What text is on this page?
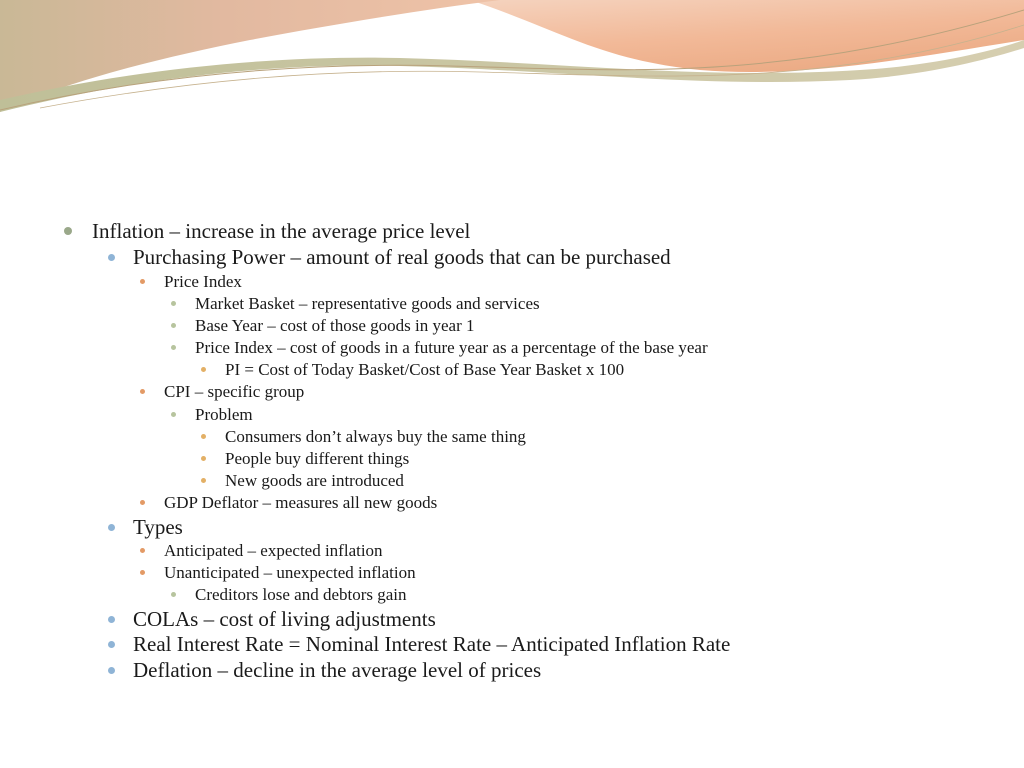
Inflation – increase in the average price level
Purchasing Power – amount of real goods that can be purchased
Price Index
Market Basket – representative goods and services
Base Year – cost of those goods in year 1
Price Index – cost of goods in a future year as a percentage of the base year
PI = Cost of Today Basket/Cost of Base Year Basket x 100
CPI – specific group
Problem
Consumers don’t always buy the same thing
People buy different things
New goods are introduced
GDP Deflator – measures all new goods
Types
Anticipated – expected inflation
Unanticipated – unexpected inflation
Creditors lose and debtors gain
COLAs – cost of living adjustments
Real Interest Rate = Nominal Interest Rate – Anticipated Inflation Rate
Deflation – decline in the average level of prices
